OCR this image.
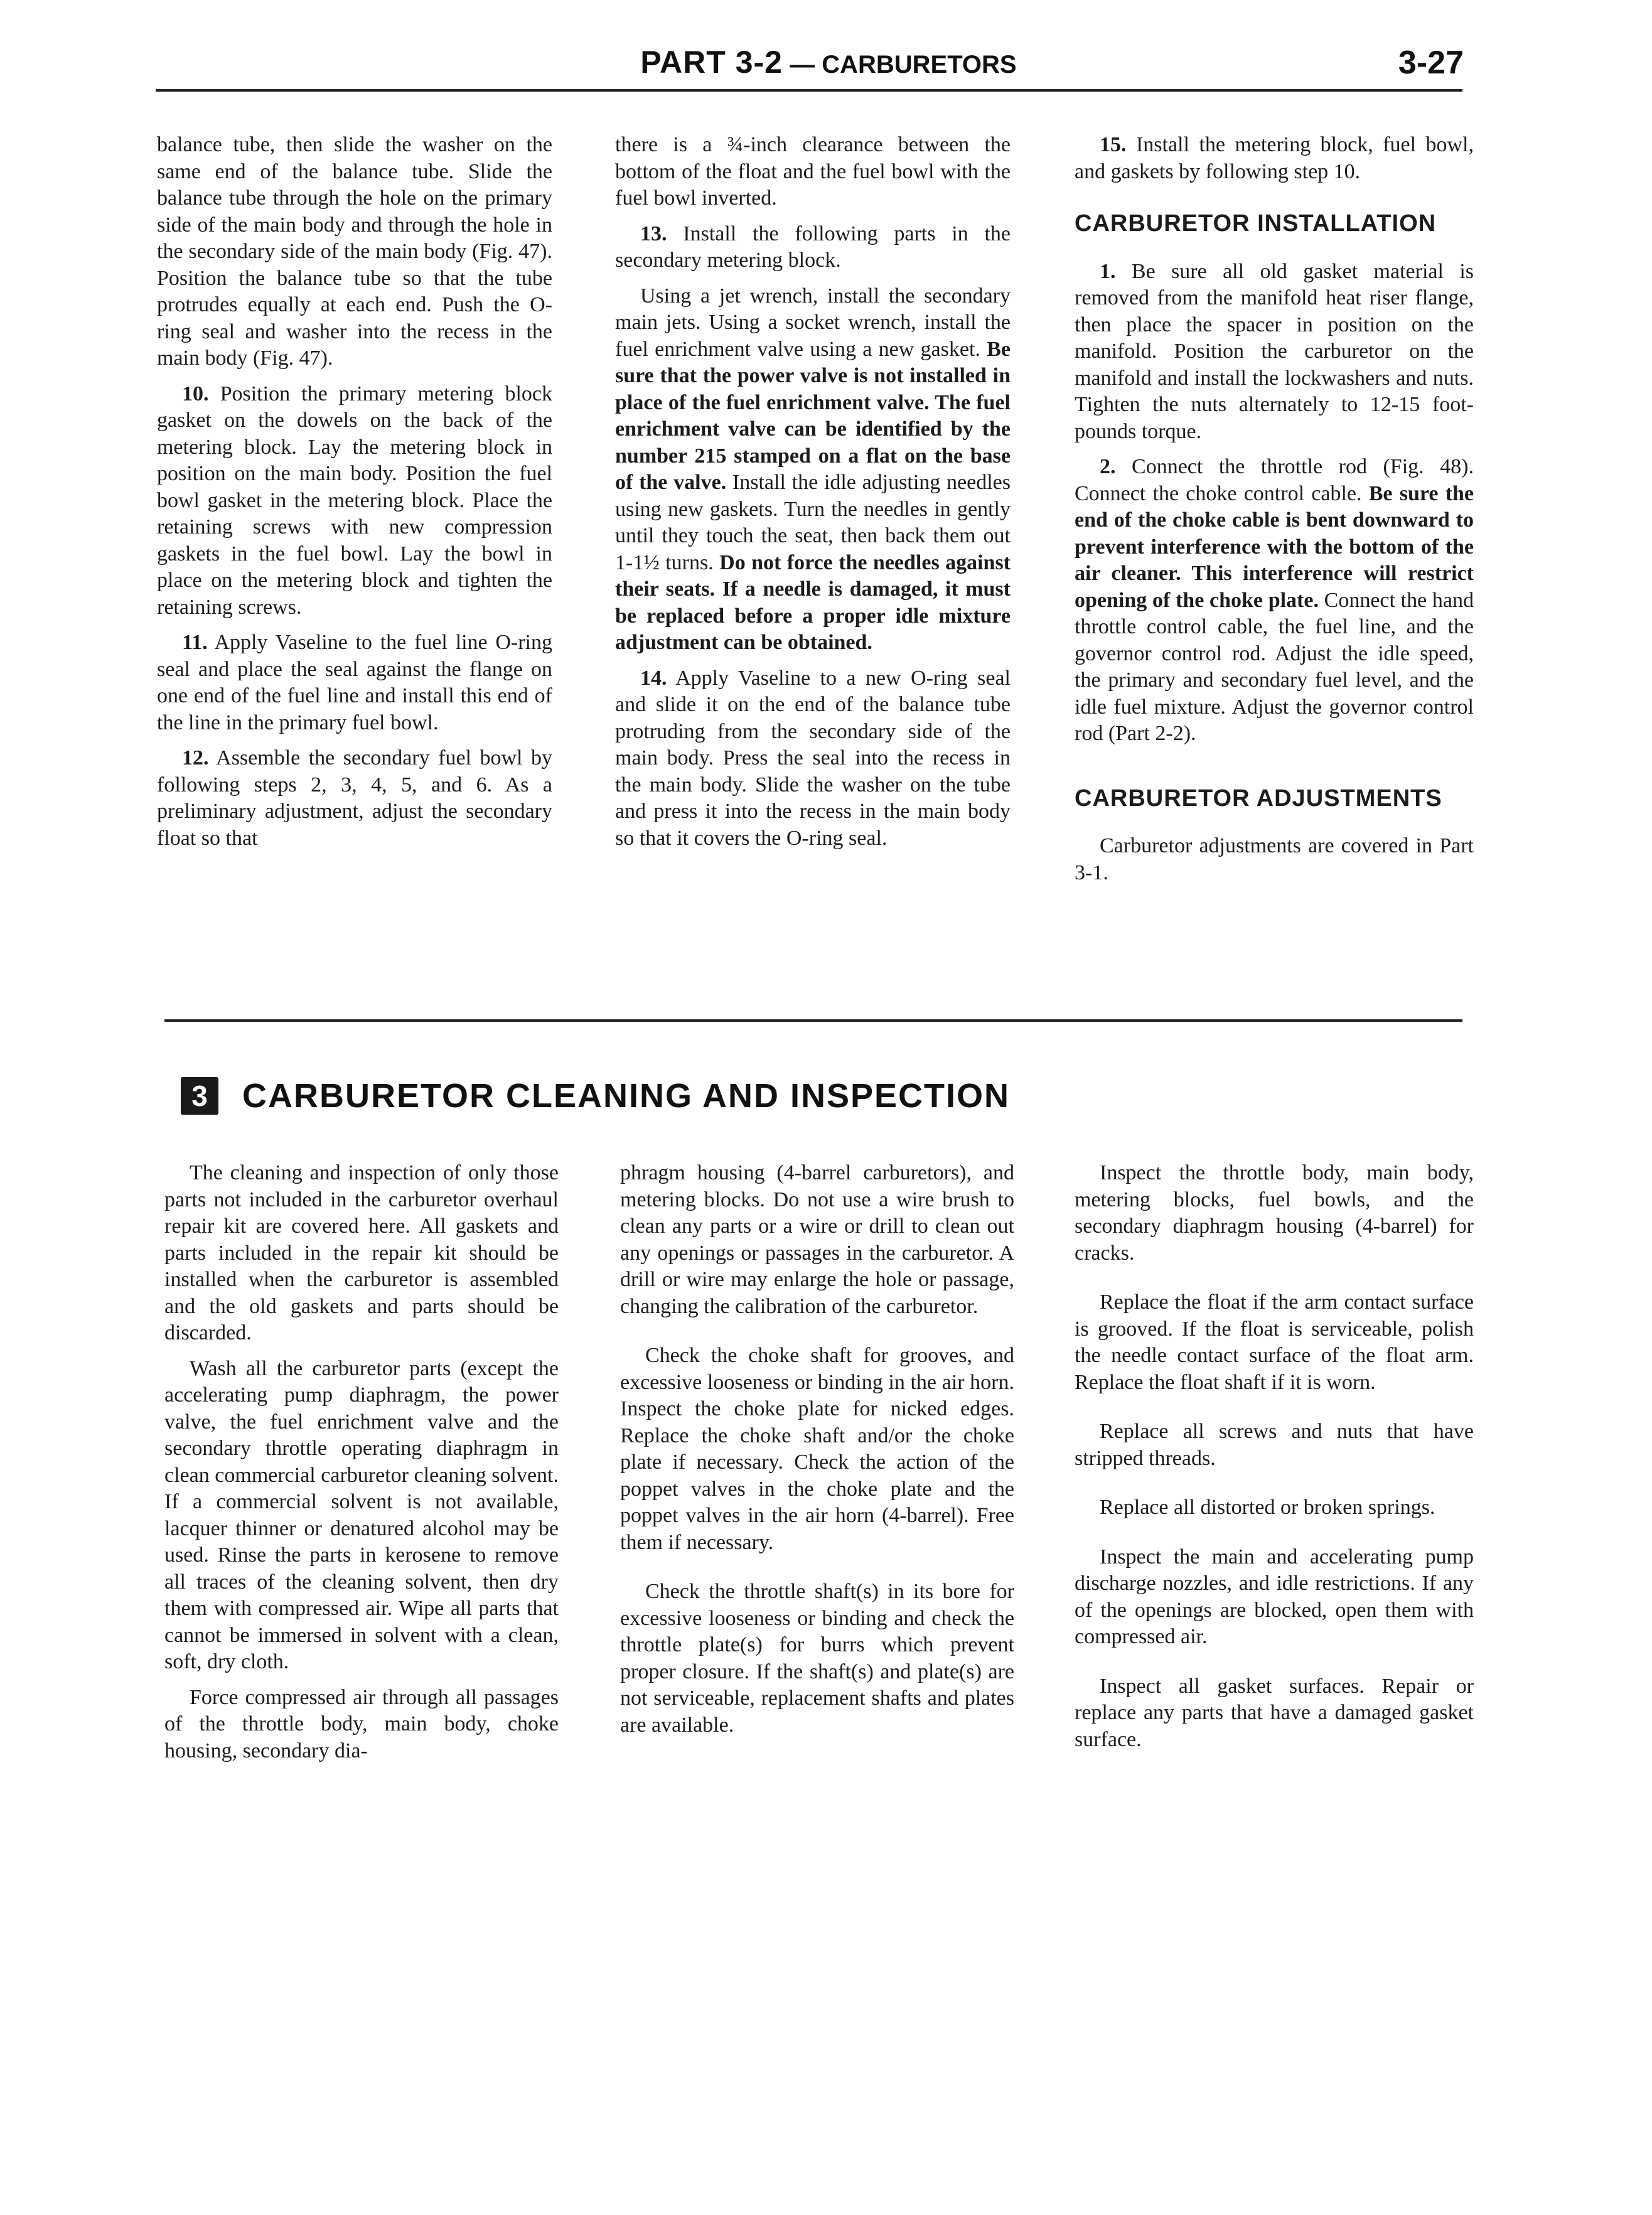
PART 3-2 — CARBURETORS	3-27

balance tube, then slide the washer on the same end of the balance tube. Slide the balance tube through the hole on the primary side of the main body and through the hole in the secondary side of the main body (Fig. 47). Position the balance tube so that the tube protrudes equally at each end. Push the O-ring seal and washer into the recess in the main body (Fig. 47).

10. Position the primary metering block gasket on the dowels on the back of the metering block. Lay the metering block in position on the main body. Position the fuel bowl gasket in the metering block. Place the retaining screws with new compression gaskets in the fuel bowl. Lay the bowl in place on the metering block and tighten the retaining screws.

11. Apply Vaseline to the fuel line O-ring seal and place the seal against the flange on one end of the fuel line and install this end of the line in the primary fuel bowl.

12. Assemble the secondary fuel bowl by following steps 2, 3, 4, 5, and 6. As a preliminary adjustment, adjust the secondary float so that

there is a ¾-inch clearance between the bottom of the float and the fuel bowl with the fuel bowl inverted.

13. Install the following parts in the secondary metering block.

Using a jet wrench, install the secondary main jets. Using a socket wrench, install the fuel enrichment valve using a new gasket. Be sure that the power valve is not installed in place of the fuel enrichment valve. The fuel enrichment valve can be identified by the number 215 stamped on a flat on the base of the valve. Install the idle adjusting needles using new gaskets. Turn the needles in gently until they touch the seat, then back them out 1-1½ turns. Do not force the needles against their seats. If a needle is damaged, it must be replaced before a proper idle mixture adjustment can be obtained.

14. Apply Vaseline to a new O-ring seal and slide it on the end of the balance tube protruding from the secondary side of the main body. Press the seal into the recess in the main body. Slide the washer on the tube and press it into the recess in the main body so that it covers the O-ring seal.

15. Install the metering block, fuel bowl, and gaskets by following step 10.

CARBURETOR INSTALLATION

1. Be sure all old gasket material is removed from the manifold heat riser flange, then place the spacer in position on the manifold. Position the carburetor on the manifold and install the lockwashers and nuts. Tighten the nuts alternately to 12-15 foot-pounds torque.

2. Connect the throttle rod (Fig. 48). Connect the choke control cable. Be sure the end of the choke cable is bent downward to prevent interference with the bottom of the air cleaner. This interference will restrict opening of the choke plate. Connect the hand throttle control cable, the fuel line, and the governor control rod. Adjust the idle speed, the primary and secondary fuel level, and the idle fuel mixture. Adjust the governor control rod (Part 2-2).

CARBURETOR ADJUSTMENTS

Carburetor adjustments are covered in Part 3-1.

3	CARBURETOR CLEANING AND INSPECTION

The cleaning and inspection of only those parts not included in the carburetor overhaul repair kit are covered here. All gaskets and parts included in the repair kit should be installed when the carburetor is assembled and the old gaskets and parts should be discarded.

Wash all the carburetor parts (except the accelerating pump diaphragm, the power valve, the fuel enrichment valve and the secondary throttle operating diaphragm in clean commercial carburetor cleaning solvent. If a commercial solvent is not available, lacquer thinner or denatured alcohol may be used. Rinse the parts in kerosene to remove all traces of the cleaning solvent, then dry them with compressed air. Wipe all parts that cannot be immersed in solvent with a clean, soft, dry cloth.

Force compressed air through all passages of the throttle body, main body, choke housing, secondary dia-

phragm housing (4-barrel carburetors), and metering blocks. Do not use a wire brush to clean any parts or a wire or drill to clean out any openings or passages in the carburetor. A drill or wire may enlarge the hole or passage, changing the calibration of the carburetor.

Check the choke shaft for grooves, and excessive looseness or binding in the air horn. Inspect the choke plate for nicked edges. Replace the choke shaft and/or the choke plate if necessary. Check the action of the poppet valves in the choke plate and the poppet valves in the air horn (4-barrel). Free them if necessary.

Check the throttle shaft(s) in its bore for excessive looseness or binding and check the throttle plate(s) for burrs which prevent proper closure. If the shaft(s) and plate(s) are not serviceable, replacement shafts and plates are available.

Inspect the throttle body, main body, metering blocks, fuel bowls, and the secondary diaphragm housing (4-barrel) for cracks.

Replace the float if the arm contact surface is grooved. If the float is serviceable, polish the needle contact surface of the float arm. Replace the float shaft if it is worn.

Replace all screws and nuts that have stripped threads.

Replace all distorted or broken springs.

Inspect the main and accelerating pump discharge nozzles, and idle restrictions. If any of the openings are blocked, open them with compressed air.

Inspect all gasket surfaces. Repair or replace any parts that have a damaged gasket surface.
